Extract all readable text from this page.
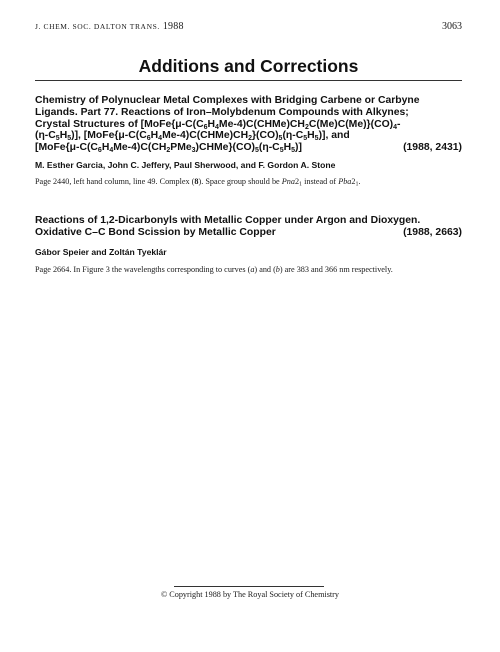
J. CHEM. SOC. DALTON TRANS. 1988	3063
Additions and Corrections
Chemistry of Polynuclear Metal Complexes with Bridging Carbene or Carbyne
Ligands. Part 77. Reactions of Iron–Molybdenum Compounds with Alkynes;
Crystal Structures of [$MoFe\{\mu-C(C_6H_4Me-4)C(CHMe)CH_2C(Me)C(Me)\}(CO)_4-$
$(\eta-C_5H_5)$], $[MoFe\{\mu-C(C_6H_4Me-4)C(CHMe)CH_2\}(CO)_5(\eta-C_5H_5)]$, and
(1988, 2431)
$[MoFe\{\mu-C(C_6H_4Me-4)C(CH_2PMe_3)CHMe\}(CO)_5(\eta-C_5H_5)]$
M. Esther Garcia, John C. Jeffery, Paul Sherwood, and F. Gordon A. Stone
Page 2440, left hand column, line 49. Complex (8). Space group should be $Pna2_1$ instead of $Pba2_1$.
Reactions of 1,2-Dicarbonyls with Metallic Copper under Argon and Dioxygen.
(1988, 2663)
Oxidative C–C Bond Scission by Metallic Copper
Gábor Speier and Zoltán Tyeklár
Page 2664. In Figure 3 the wavelengths corresponding to curves (a) and (b) are 383 and 366 nm respectively.
© Copyright 1988 by The Royal Society of Chemistry
